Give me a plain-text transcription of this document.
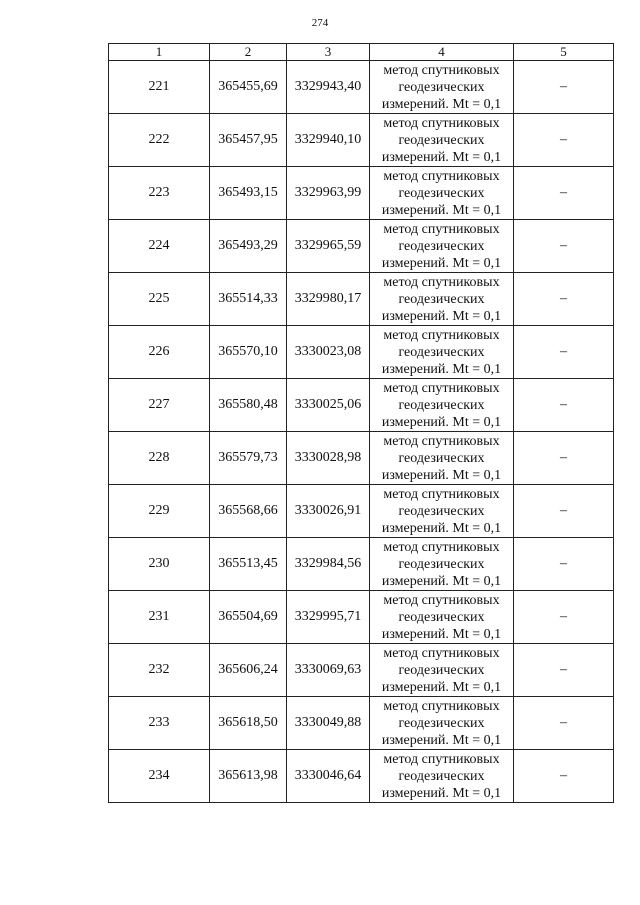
274
1	2	3	4	5
221	365455,69	3329943,40	метод спутниковых
геодезических
измерений. Mt = 0,1	–
222	365457,95	3329940,10	метод спутниковых
геодезических
измерений. Mt = 0,1	–
223	365493,15	3329963,99	метод спутниковых
геодезических
измерений. Mt = 0,1	–
224	365493,29	3329965,59	метод спутниковых
геодезических
измерений. Mt = 0,1	–
225	365514,33	3329980,17	метод спутниковых
геодезических
измерений. Mt = 0,1	–
226	365570,10	3330023,08	метод спутниковых
геодезических
измерений. Mt = 0,1	–
227	365580,48	3330025,06	метод спутниковых
геодезических
измерений. Mt = 0,1	–
228	365579,73	3330028,98	метод спутниковых
геодезических
измерений. Mt = 0,1	–
229	365568,66	3330026,91	метод спутниковых
геодезических
измерений. Mt = 0,1	–
230	365513,45	3329984,56	метод спутниковых
геодезических
измерений. Mt = 0,1	–
231	365504,69	3329995,71	метод спутниковых
геодезических
измерений. Mt = 0,1	–
232	365606,24	3330069,63	метод спутниковых
геодезических
измерений. Mt = 0,1	–
233	365618,50	3330049,88	метод спутниковых
геодезических
измерений. Mt = 0,1	–
234	365613,98	3330046,64	метод спутниковых
геодезических
измерений. Mt = 0,1	–
